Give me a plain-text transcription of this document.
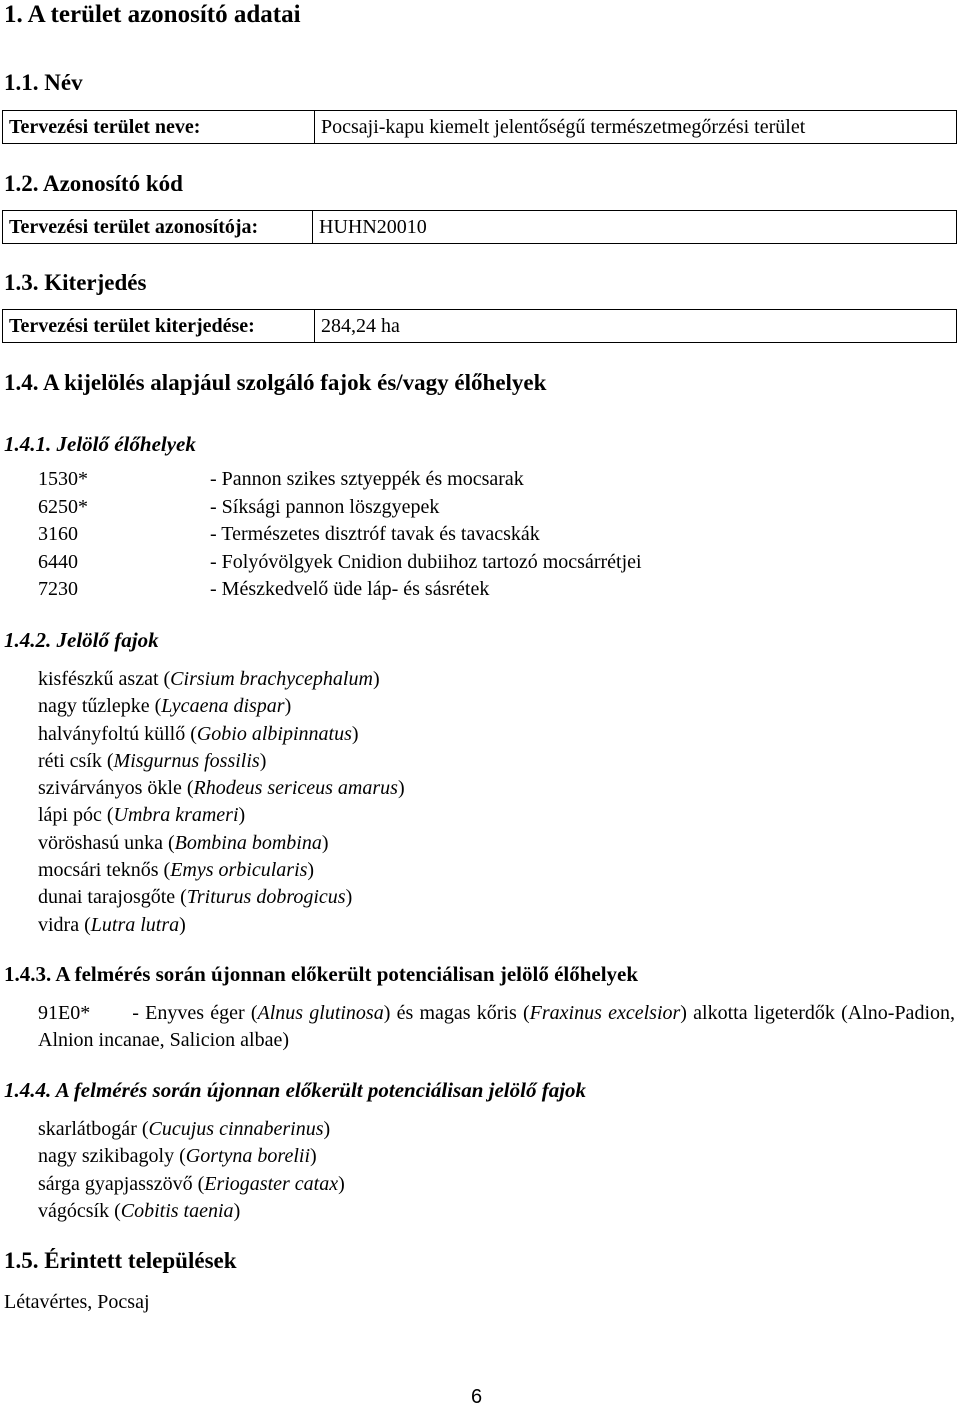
1. A terület azonosító adatai
1.1. Név
Tervezési terület neve:	Pocsaji-kapu kiemelt jelentőségű természetmegőrzési terület
1.2. Azonosító kód
Tervezési terület azonosítója:	HUHN20010
1.3. Kiterjedés
Tervezési terület kiterjedése:	284,24 ha
1.4. A kijelölés alapjául szolgáló fajok és/vagy élőhelyek
1.4.1. Jelölő élőhelyek
1530*	- Pannon szikes sztyeppék és mocsarak
6250*	- Síksági pannon löszgyepek
3160	- Természetes disztróf tavak és tavacskák
6440	- Folyóvölgyek Cnidion dubiihoz tartozó mocsárrétjei
7230	- Mészkedvelő üde láp- és sásrétek
1.4.2. Jelölő fajok
kisfészkű aszat (Cirsium brachycephalum)
nagy tűzlepke (Lycaena dispar)
halványfoltú küllő (Gobio albipinnatus)
réti csík (Misgurnus fossilis)
szivárványos ökle (Rhodeus sericeus amarus)
lápi póc (Umbra krameri)
vöröshasú unka (Bombina bombina)
mocsári teknős (Emys orbicularis)
dunai tarajosgőte (Triturus dobrogicus)
vidra (Lutra lutra)
1.4.3. A felmérés során újonnan előkerült potenciálisan jelölő élőhelyek
91E0* - Enyves éger (Alnus glutinosa) és magas kőris (Fraxinus excelsior) alkotta ligeterdők (Alno-Padion, Alnion incanae, Salicion albae)
1.4.4. A felmérés során újonnan előkerült potenciálisan jelölő fajok
skarlátbogár (Cucujus cinnaberinus)
nagy szikibagoly (Gortyna borelii)
sárga gyapjasszövő (Eriogaster catax)
vágócsík (Cobitis taenia)
1.5. Érintett települések
Létavértes, Pocsaj
6
